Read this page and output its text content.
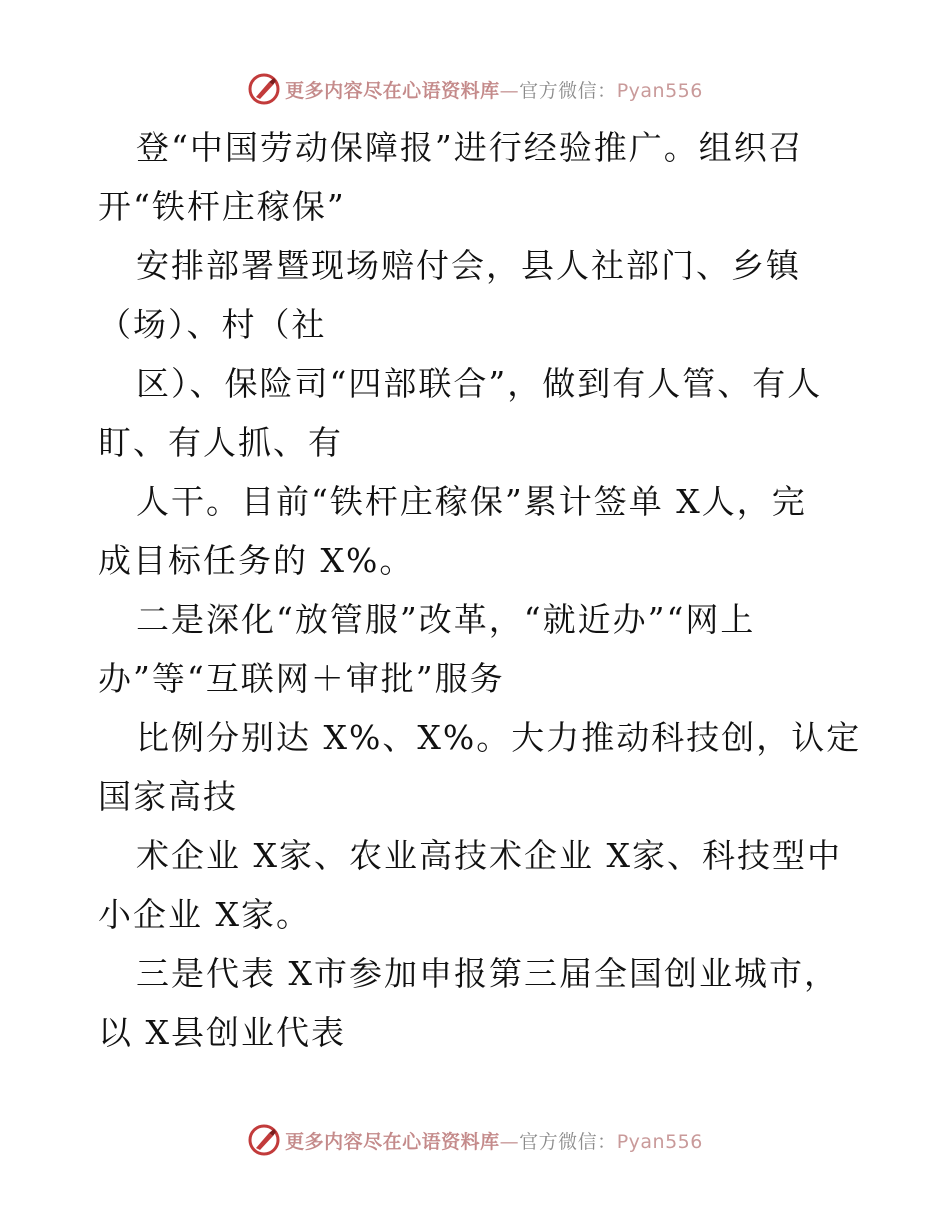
更多内容尽在心语资料库—官方微信：Pyan556
登“中国劳动保障报”进行经验推广。组织召
开“铁杆庄稼保”
安排部署暨现场赔付会，县人社部门、乡镇
（场）、村（社
区）、保险司“四部联合”，做到有人管、有人
盯、有人抓、有
人干。目前“铁杆庄稼保”累计签单 X人，完
成目标任务的 X%。
二是深化“放管服”改革，“就近办”“网上
办”等“互联网＋审批”服务
比例分别达 X%、X%。大力推动科技创，认定
国家高技
术企业 X家、农业高技术企业 X家、科技型中
小企业 X家。
三是代表 X市参加申报第三届全国创业城市，
以 X县创业代表
更多内容尽在心语资料库—官方微信：Pyan556
